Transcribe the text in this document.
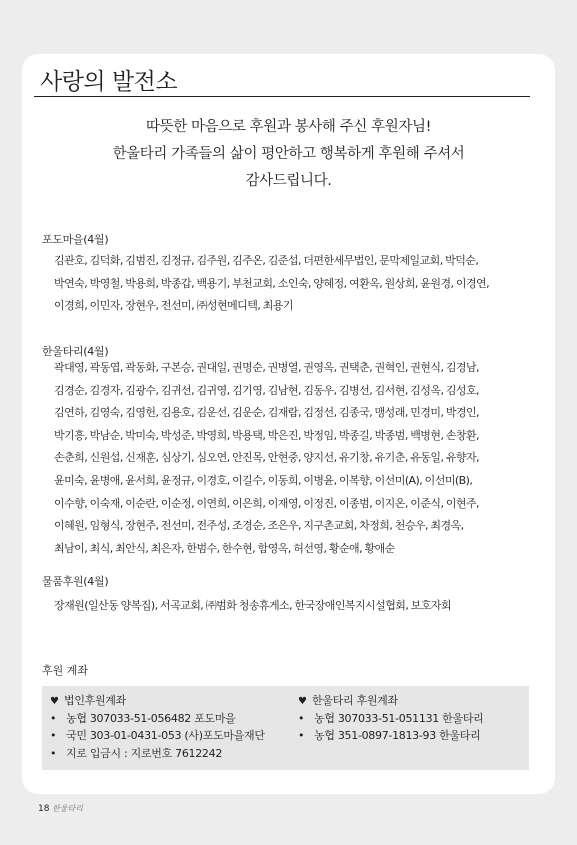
사랑의 발전소
따뜻한 마음으로 후원과 봉사해 주신 후원자님!
한울타리 가족들의 삶이 평안하고 행복하게 후원해 주셔서
감사드립니다.
포도마을(4월)
김관호, 김덕화, 김범진, 김정규, 김주원, 김주온, 김준섭, 더편한세무법인, 문막제일교회, 박덕순,
박연숙, 박영철, 박용희, 박종갑, 백용기, 부천교회, 소인숙, 양혜정, 여환옥, 원상희, 윤원경, 이경연,
이경희, 이민자, 장현우, 전선미, ㈜성현메디텍, 최용기
한울타리(4월)
곽대영, 곽동엽, 곽동화, 구본승, 권대일, 권명순, 권병열, 권영옥, 권택춘, 권혁인, 권현식, 김경남,
김경순, 김경자, 김광수, 김귀선, 김귀영, 김기영, 김남현, 김동우, 김병선, 김서현, 김성옥, 김성호,
김연하, 김영숙, 김영헌, 김용호, 김운선, 김운순, 김재람, 김정선, 김종국, 맹성래, 민경미, 박경인,
박기흥, 박남순, 박미숙, 박성준, 박영희, 박용택, 박은진, 박정임, 박종길, 박종범, 백병현, 손창환,
손춘희, 신원섭, 신재훈, 심상기, 심오연, 안진목, 안현중, 양지선, 유기창, 유기춘, 유동일, 유향자,
윤미숙, 윤병애, 윤서희, 윤정규, 이경호, 이길수, 이동희, 이병윤, 이복향, 이선미(A), 이선미(B),
이수향, 이숙재, 이순란, 이순정, 이연희, 이은희, 이재영, 이정진, 이종범, 이지온, 이준식, 이현주,
이혜원, 임형식, 장현주, 전선미, 전주성, 조경순, 조은우, 지구촌교회, 차정희, 천승우, 최경옥,
최남이, 최식, 최안식, 최은자, 한범수, 한수현, 함영옥, 허선영, 황순애, 황애순
물품후원(4월)
장재원(일산동 양복집), 서곡교회, ㈜범화 청송휴게소, 한국장애인복지시설협회, 보호자회
후원 계좌
♥ 법인후원계좌
• 농협 307033-51-056482 포도마을
• 국민 303-01-0431-053 (사)포도마을재단
• 지로 입금시 : 지로번호 7612242
♥ 한울타리 후원계좌
• 농협 307033-51-051131 한울타리
• 농협 351-0897-1813-93 한울타리
18 한울타리
